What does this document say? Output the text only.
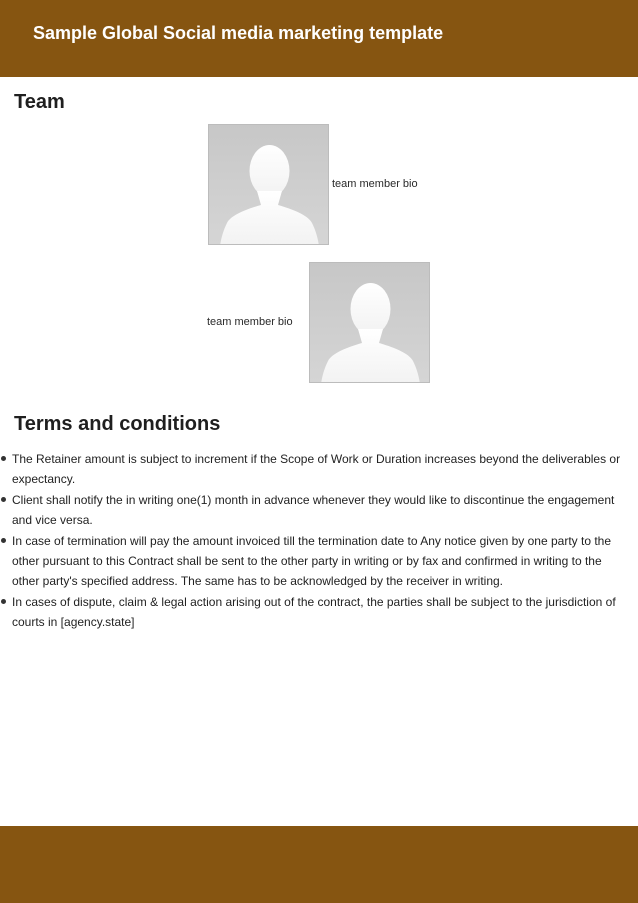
Sample Global Social media marketing template
Team
team member bio
team member bio
Terms and conditions
The Retainer amount is subject to increment if the Scope of Work or Duration increases beyond the deliverables or expectancy.
Client shall notify the in writing one(1) month in advance whenever they would like to discontinue the engagement and vice versa.
In case of termination will pay the amount invoiced till the termination date to Any notice given by one party to the other pursuant to this Contract shall be sent to the other party in writing or by fax and confirmed in writing to the other party's specified address. The same has to be acknowledged by the receiver in writing.
In cases of dispute, claim & legal action arising out of the contract, the parties shall be subject to the jurisdiction of courts in [agency.state]
